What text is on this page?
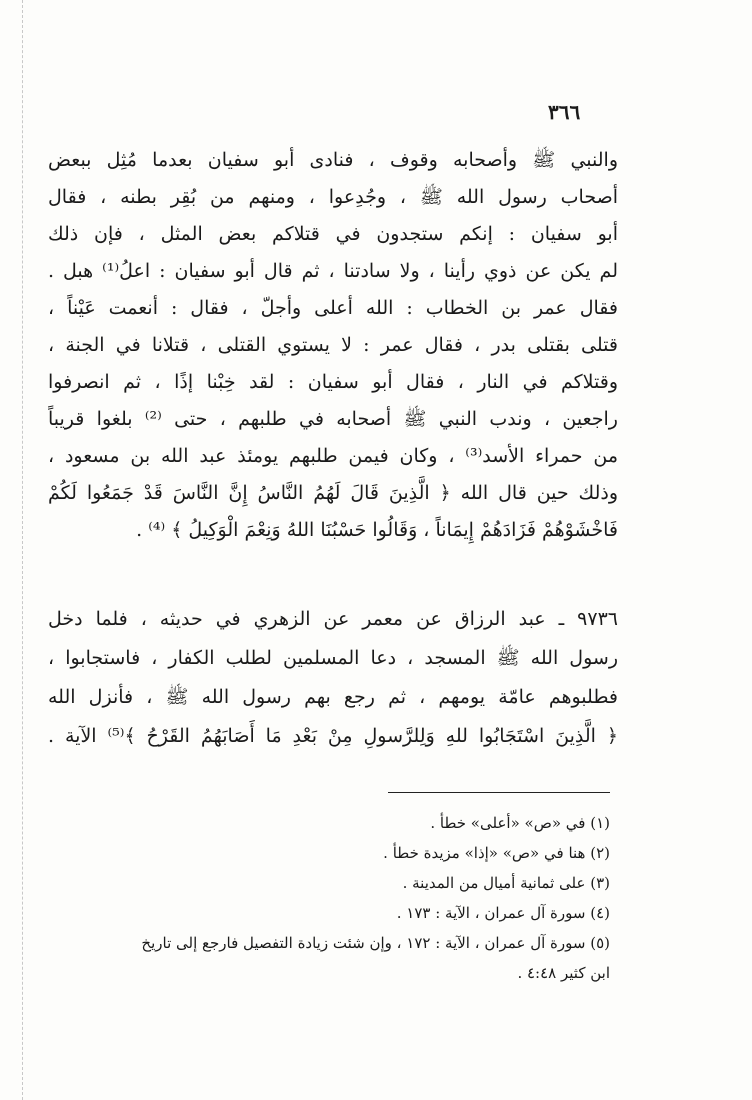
٣٦٦
والنبي ﷺ وأصحابه وقوف ، فنادى أبو سفيان بعدما مُثِل ببعض
أصحاب رسول الله ﷺ ، وجُدِعوا ، ومنهم من بُقِر بطنه ، فقال
أبو سفيان : إنكم ستجدون في قتلاكم بعض المثل ، فإن ذلك
لم يكن عن ذوي رأينا ، ولا سادتنا ، ثم قال أبو سفيان : اعلُ⁽¹⁾ هبل .
فقال عمر بن الخطاب : الله أعلى وأجلّ ، فقال : أنعمت عَيْناً ،
قتلى بقتلى بدر ، فقال عمر : لا يستوي القتلى ، قتلانا في الجنة ،
وقتلاكم في النار ، فقال أبو سفيان : لقد خِبْنا إذًا ، ثم انصرفوا
راجعين ، وندب النبي ﷺ أصحابه في طلبهم ، حتى ⁽²⁾ بلغوا قريباً
من حمراء الأسد⁽³⁾ ، وكان فيمن طلبهم يومئذ عبد الله بن مسعود ،
وذلك حين قال الله ﴿ الَّذِينَ قَالَ لَهُمُ النَّاسُ إِنَّ النَّاسَ قَدْ جَمَعُوا لَكُمْ
فَاخْشَوْهُمْ فَزَادَهُمْ إِيمَاناً ، وَقَالُوا حَسْبُنَا اللهُ وَنِعْمَ الْوَكِيلُ ﴾ ⁽⁴⁾ .
٩٧٣٦ ـ عبد الرزاق عن معمر عن الزهري في حديثه ، فلما دخل
رسول الله ﷺ المسجد ، دعا المسلمين لطلب الكفار ، فاستجابوا ،
فطلبوهم عامّة يومهم ، ثم رجع بهم رسول الله ﷺ ، فأنزل الله
﴿ الَّذِينَ اسْتَجَابُوا للهِ وَلِلرَّسولِ مِنْ بَعْدِ مَا أَصَابَهُمُ القَرْحُ ﴾⁽⁵⁾ الآية .
(١) في «ص» «أعلى» خطأ .
(٢) هنا في «ص» «إذا» مزيدة خطأ .
(٣) على ثمانية أميال من المدينة .
(٤) سورة آل عمران ، الآية : ١٧٣ .
(٥) سورة آل عمران ، الآية : ١٧٢ ، وإن شئت زيادة التفصيل فارجع إلى تاريخ
ابن كثير ٤:٤٨ .
